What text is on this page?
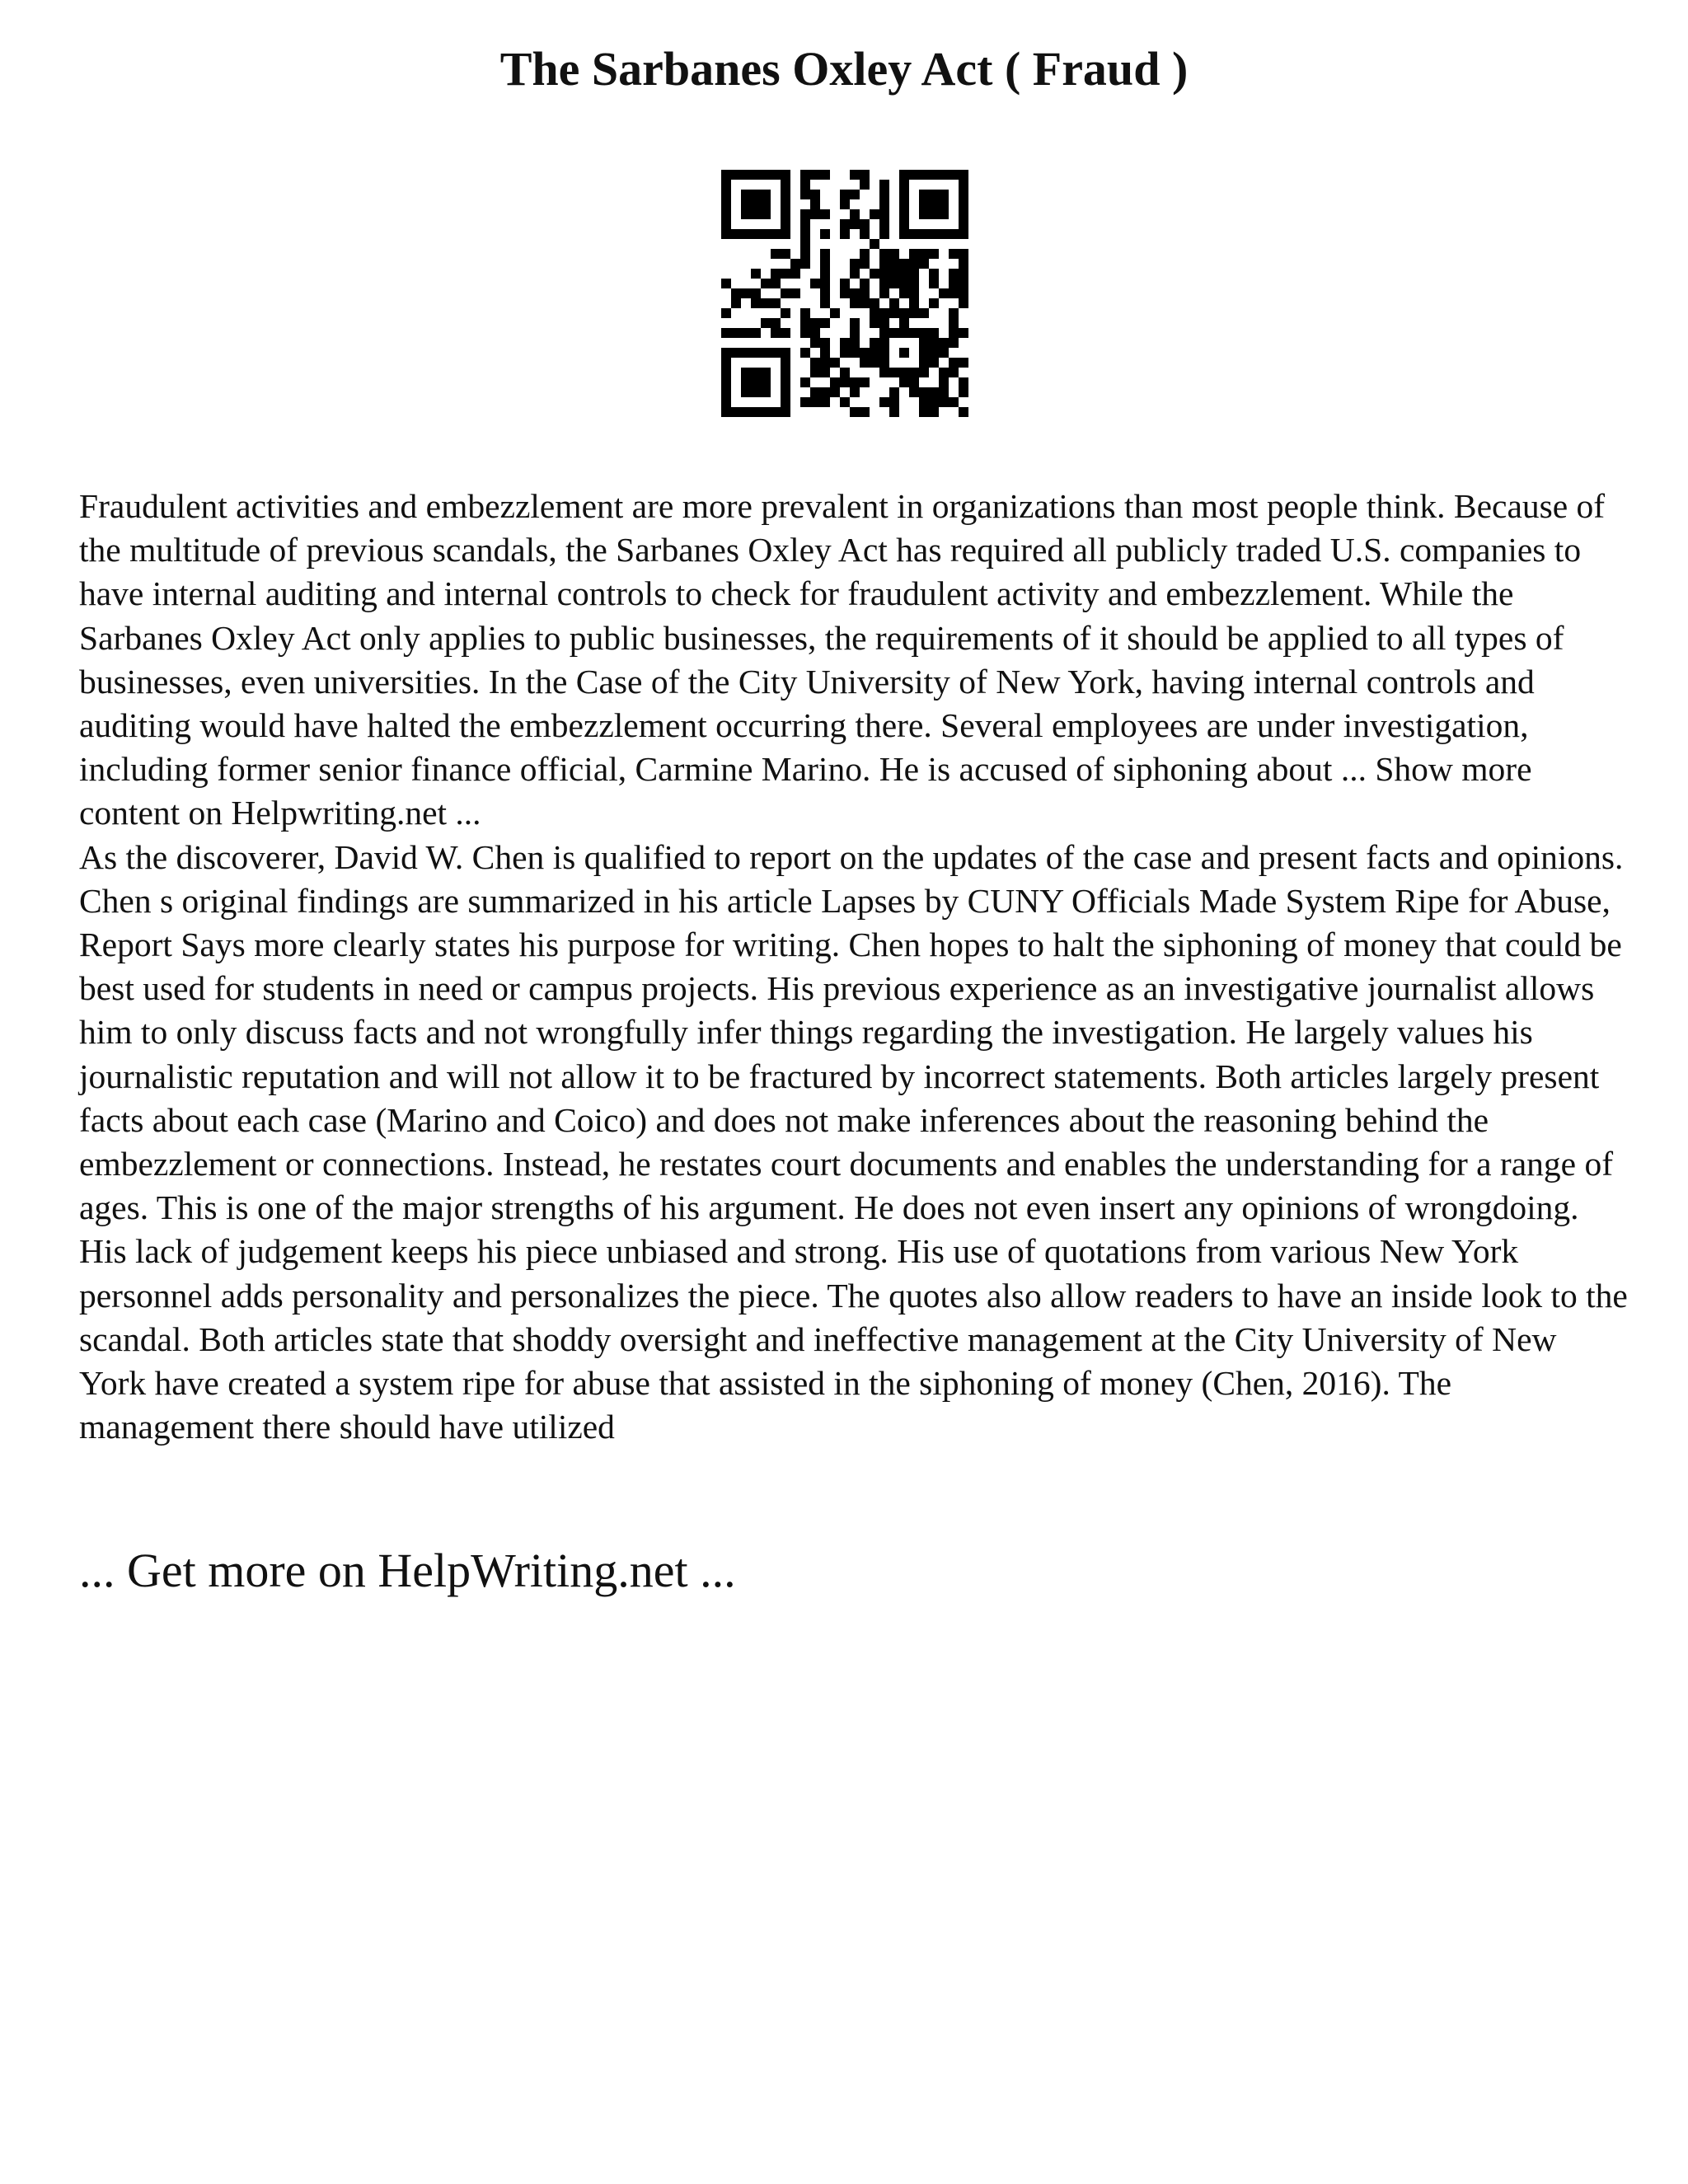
The Sarbanes Oxley Act ( Fraud )

Fraudulent activities and embezzlement are more prevalent in organizations than most people think. Because of the multitude of previous scandals, the Sarbanes Oxley Act has required all publicly traded U.S. companies to have internal auditing and internal controls to check for fraudulent activity and embezzlement. While the Sarbanes Oxley Act only applies to public businesses, the requirements of it should be applied to all types of businesses, even universities. In the Case of the City University of New York, having internal controls and auditing would have halted the embezzlement occurring there. Several employees are under investigation, including former senior finance official, Carmine Marino. He is accused of siphoning about ... Show more content on Helpwriting.net ...

As the discoverer, David W. Chen is qualified to report on the updates of the case and present facts and opinions. Chen s original findings are summarized in his article Lapses by CUNY Officials Made System Ripe for Abuse, Report Says more clearly states his purpose for writing. Chen hopes to halt the siphoning of money that could be best used for students in need or campus projects. His previous experience as an investigative journalist allows him to only discuss facts and not wrongfully infer things regarding the investigation. He largely values his journalistic reputation and will not allow it to be fractured by incorrect statements. Both articles largely present facts about each case (Marino and Coico) and does not make inferences about the reasoning behind the embezzlement or connections. Instead, he restates court documents and enables the understanding for a range of ages. This is one of the major strengths of his argument. He does not even insert any opinions of wrongdoing. His lack of judgement keeps his piece unbiased and strong. His use of quotations from various New York personnel adds personality and personalizes the piece. The quotes also allow readers to have an inside look to the scandal. Both articles state that shoddy oversight and ineffective management at the City University of New York have created a system ripe for abuse that assisted in the siphoning of money (Chen, 2016). The management there should have utilized

... Get more on HelpWriting.net ...
